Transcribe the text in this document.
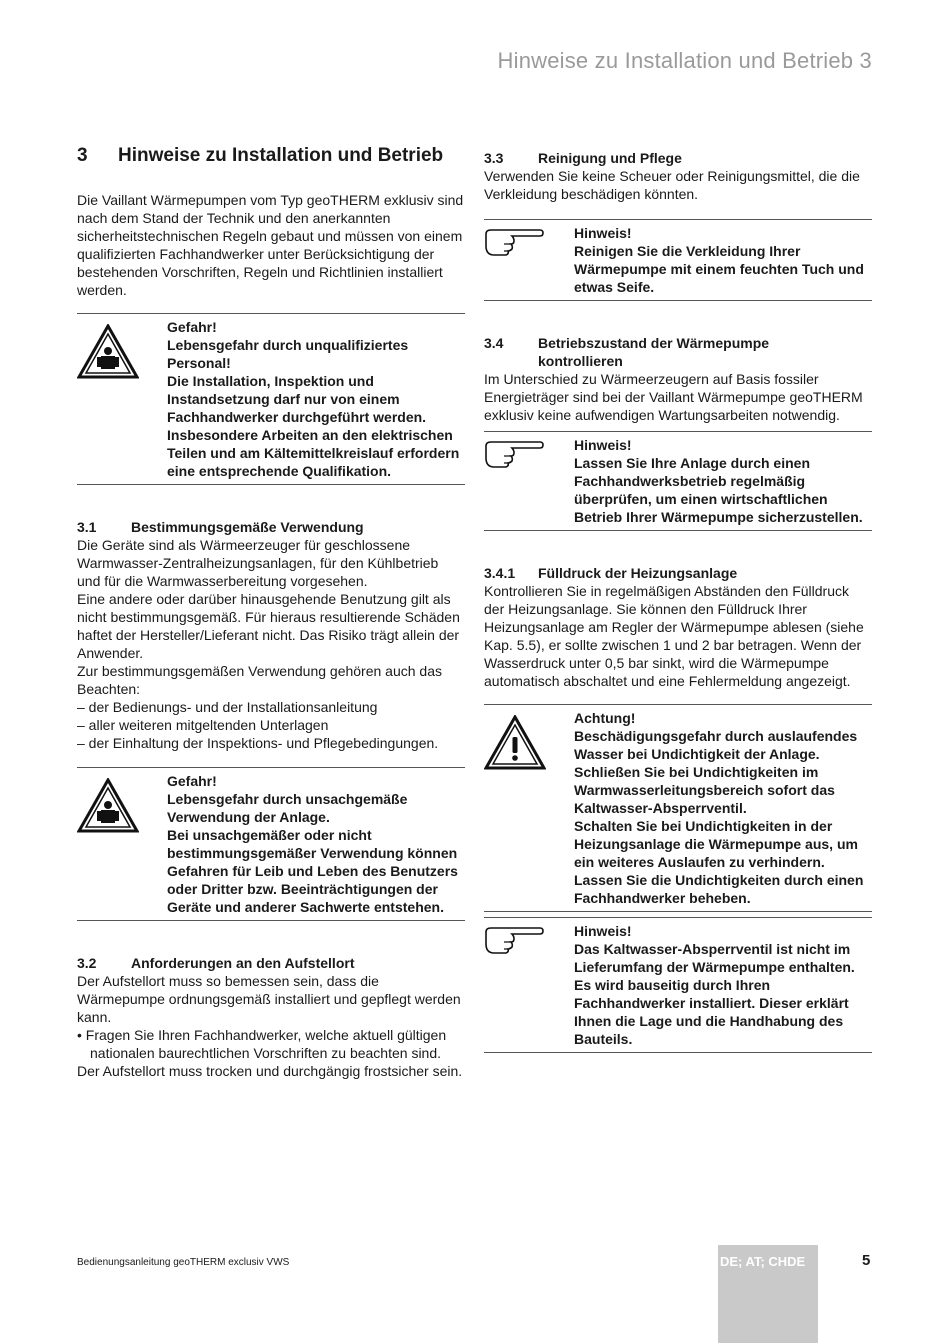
Hinweise zu Installation und Betrieb 3
3 Hinweise zu Installation und Betrieb

Die Vaillant Wärmepumpen vom Typ geoTHERM exklusiv sind nach dem Stand der Technik und den anerkannten sicherheitstechnischen Regeln gebaut und müssen von einem qualifizierten Fachhandwerker unter Berücksichtigung der bestehenden Vorschriften, Regeln und Richtlinien installiert werden.

Gefahr!
Lebensgefahr durch unqualifiziertes Personal!
Die Installation, Inspektion und Instandsetzung darf nur von einem Fachhandwerker durchgeführt werden. Insbesondere Arbeiten an den elektrischen Teilen und am Kältemittelkreislauf erfordern eine entsprechende Qualifikation.
3.1 Bestimmungsgemäße Verwendung

Die Geräte sind als Wärmeerzeuger für geschlossene Warmwasser-Zentralheizungsanlagen, für den Kühlbetrieb und für die Warmwasserbereitung vorgesehen.

Eine andere oder darüber hinausgehende Benutzung gilt als nicht bestimmungsgemäß. Für hieraus resultierende Schäden haftet der Hersteller/Lieferant nicht. Das Risiko trägt allein der Anwender.

Zur bestimmungsgemäßen Verwendung gehören auch das Beachten:

– der Bedienungs- und der Installationsanleitung
– aller weiteren mitgeltenden Unterlagen
– der Einhaltung der Inspektions- und Pflegebedingungen.
Gefahr!
Lebensgefahr durch unsachgemäße Verwendung der Anlage.
Bei unsachgemäßer oder nicht bestimmungsgemäßer Verwendung können Gefahren für Leib und Leben des Benutzers oder Dritter bzw. Beeinträchtigungen der Geräte und anderer Sachwerte entstehen.
3.2 Anforderungen an den Aufstellort

Der Aufstellort muss so bemessen sein, dass die Wärmepumpe ordnungsgemäß installiert und gepflegt werden kann.

• Fragen Sie Ihren Fachhandwerker, welche aktuell gültigen nationalen baurechtlichen Vorschriften zu beachten sind.

Der Aufstellort muss trocken und durchgängig frostsicher sein.

3.3 Reinigung und Pflege

Verwenden Sie keine Scheuer oder Reinigungsmittel, die die Verkleidung beschädigen könnten.

Hinweis!
Reinigen Sie die Verkleidung Ihrer Wärmepumpe mit einem feuchten Tuch und etwas Seife.
3.4 Betriebszustand der Wärmepumpe
kontrollieren

Im Unterschied zu Wärmeerzeugern auf Basis fossiler Energieträger sind bei der Vaillant Wärmepumpe geoTHERM exklusiv keine aufwendigen Wartungsarbeiten notwendig.

Hinweis!
Lassen Sie Ihre Anlage durch einen Fachhandwerksbetrieb regelmäßig überprüfen, um einen wirtschaftlichen Betrieb Ihrer Wärmepumpe sicherzustellen.
3.4.1 Fülldruck der Heizungsanlage

Kontrollieren Sie in regelmäßigen Abständen den Fülldruck der Heizungsanlage. Sie können den Fülldruck Ihrer Heizungsanlage am Regler der Wärmepumpe ablesen (siehe Kap. 5.5), er sollte zwischen 1 und 2 bar betragen. Wenn der Wasserdruck unter 0,5 bar sinkt, wird die Wärmepumpe automatisch abschaltet und eine Fehlermeldung angezeigt.

Achtung!
Beschädigungsgefahr durch auslaufendes Wasser bei Undichtigkeit der Anlage.
Schließen Sie bei Undichtigkeiten im Warmwasserleitungsbereich sofort das Kaltwasser-Absperrventil.
Schalten Sie bei Undichtigkeiten in der Heizungsanlage die Wärmepumpe aus, um ein weiteres Auslaufen zu verhindern.
Lassen Sie die Undichtigkeiten durch einen Fachhandwerker beheben.
Hinweis!
Das Kaltwasser-Absperrventil ist nicht im Lieferumfang der Wärmepumpe enthalten. Es wird bauseitig durch Ihren Fachhandwerker installiert. Dieser erklärt Ihnen die Lage und die Handhabung des Bauteils.
Bedienungsanleitung geoTHERM exclusiv VWS	DE; AT; CHDE	5
